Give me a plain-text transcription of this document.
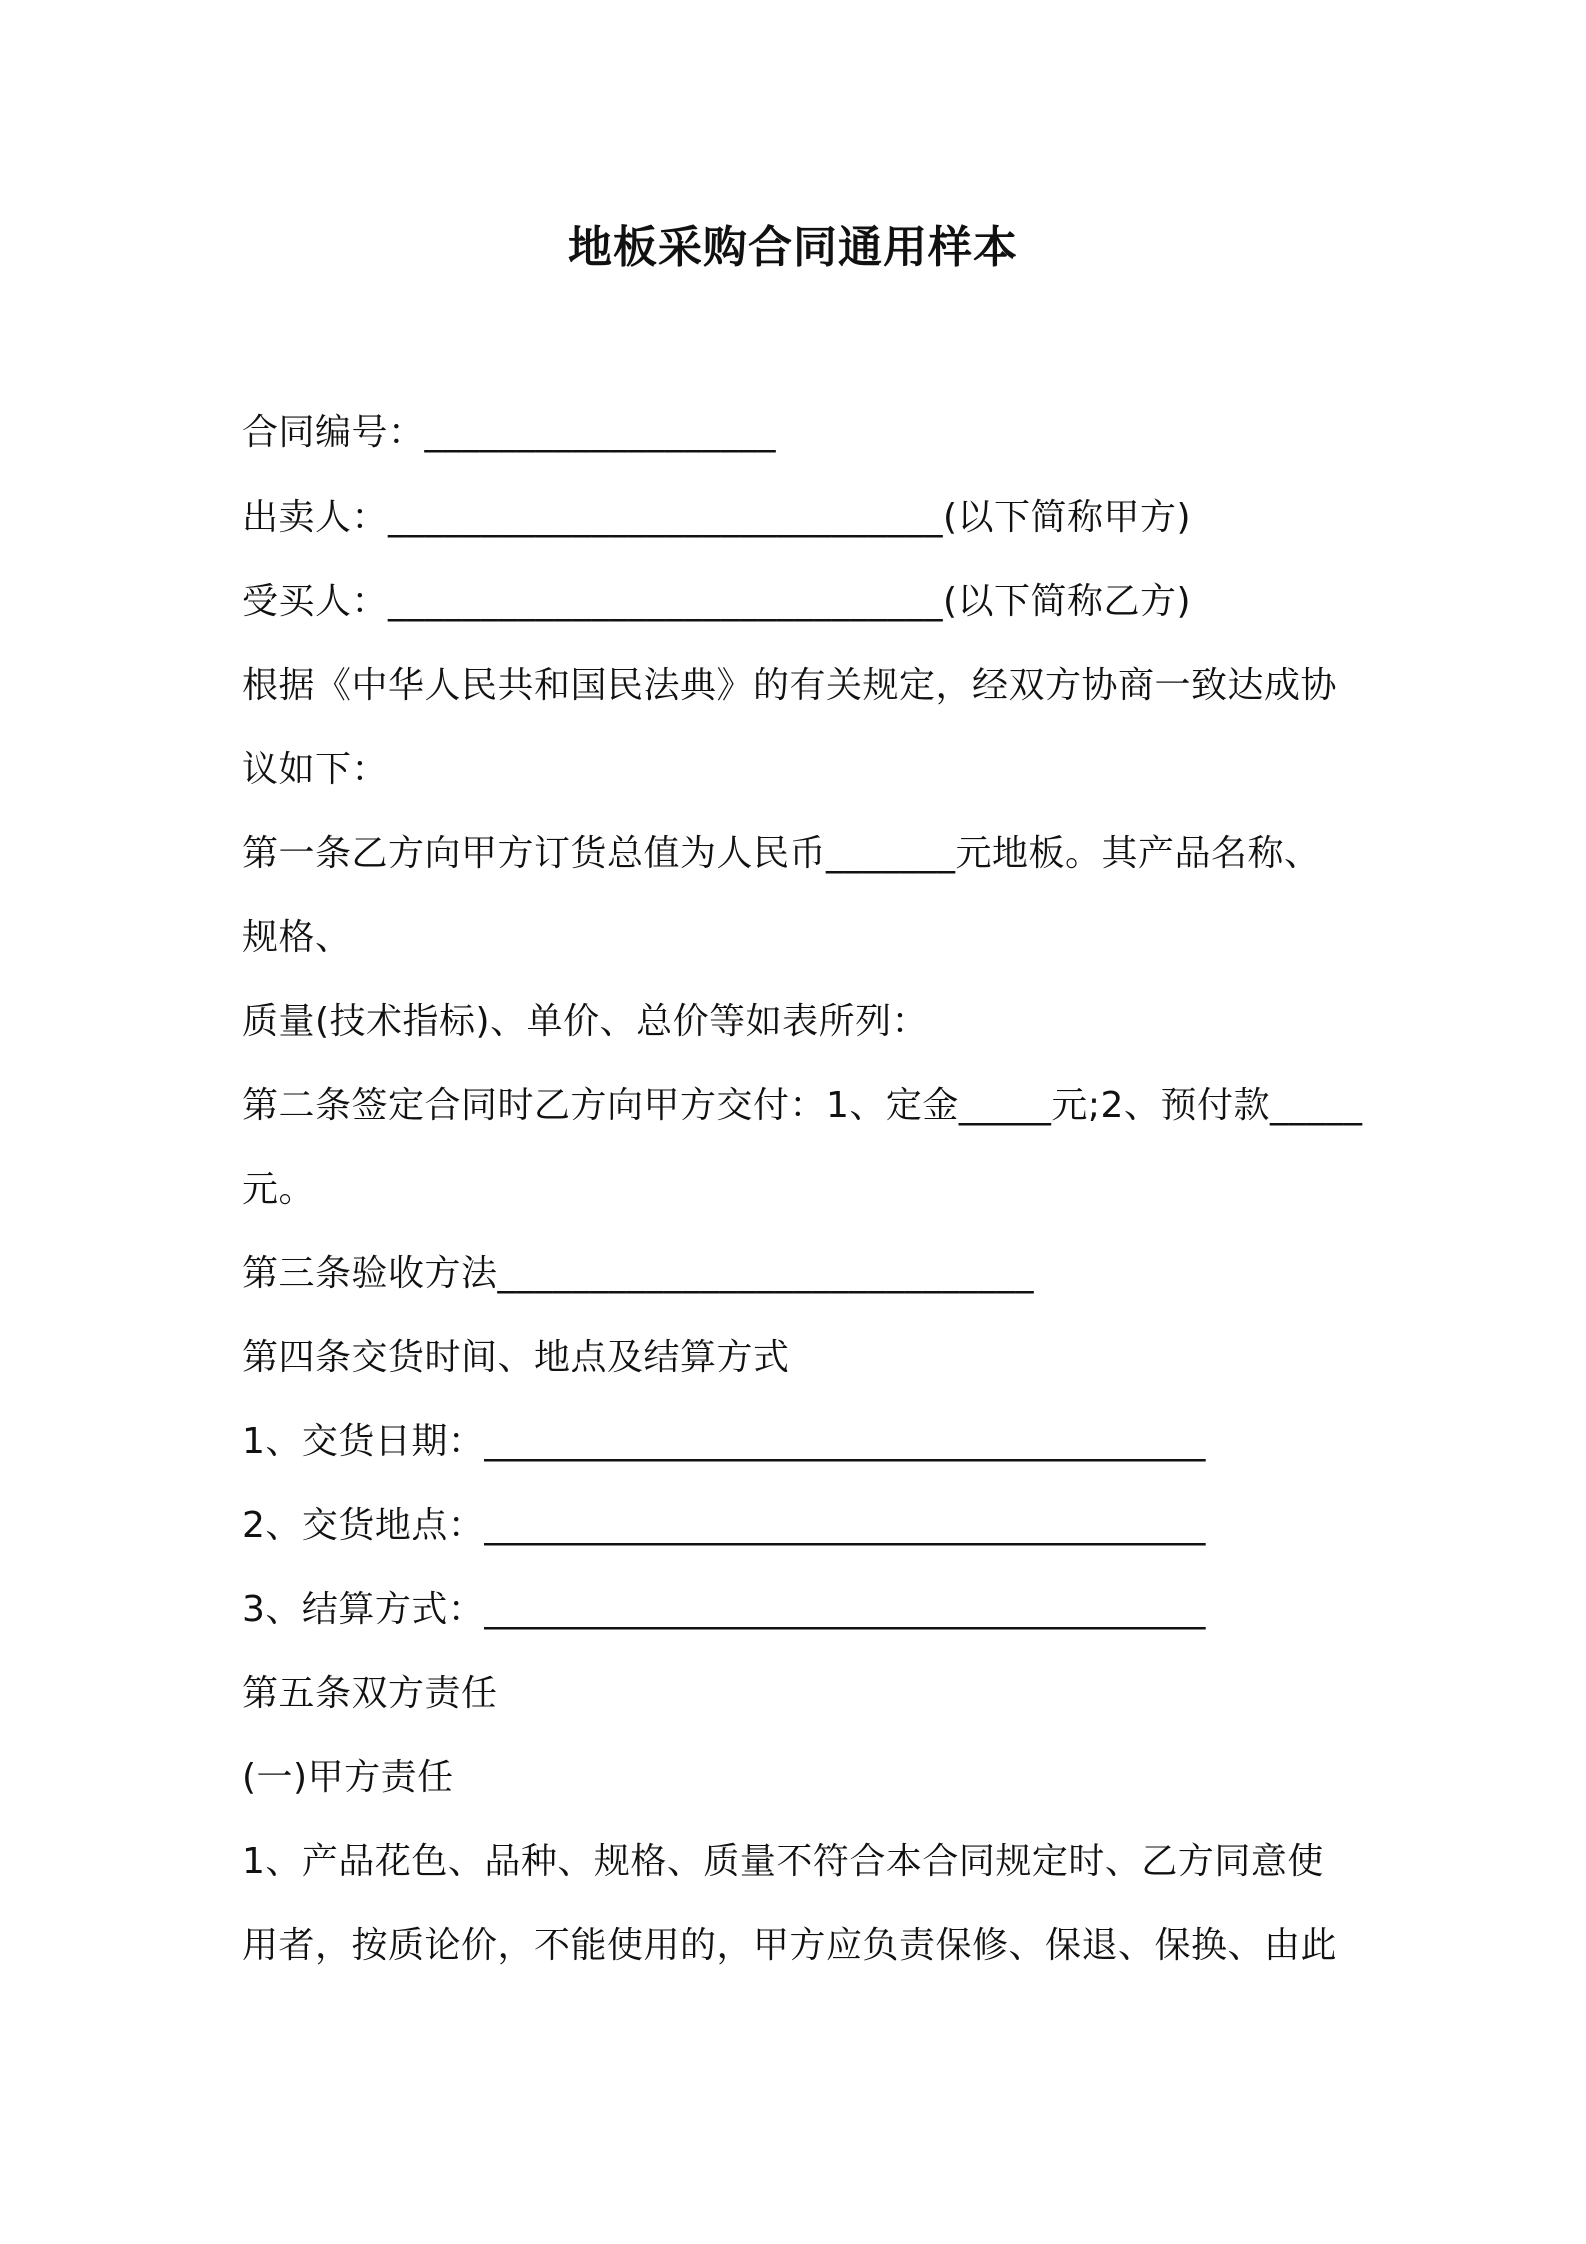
地板采购合同通用样本
合同编号：___________________
出卖人：______________________________(以下简称甲方)
受买人：______________________________(以下简称乙方)
根据《中华人民共和国民法典》的有关规定，经双方协商一致达成协
议如下：
第一条乙方向甲方订货总值为人民币_______元地板。其产品名称、
规格、
质量(技术指标)、单价、总价等如表所列：
第二条签定合同时乙方向甲方交付：1、定金_____元;2、预付款_____
元。
第三条验收方法_____________________________
第四条交货时间、地点及结算方式
1、交货日期：_______________________________________
2、交货地点：_______________________________________
3、结算方式：_______________________________________
第五条双方责任
(一)甲方责任
1、产品花色、品种、规格、质量不符合本合同规定时、乙方同意使
用者，按质论价，不能使用的，甲方应负责保修、保退、保换、由此
